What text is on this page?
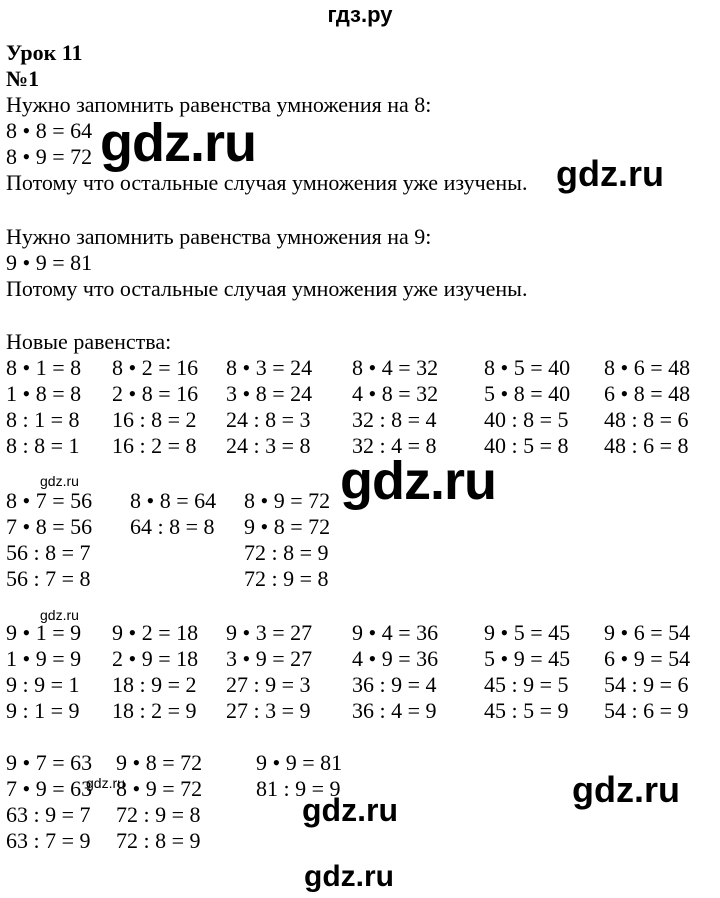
гдз.ру
Урок 11
№1
Нужно запомнить равенства умножения на 8:
8 • 8 = 64
8 • 9 = 72
Потому что остальные случая умножения уже изучены.
Нужно запомнить равенства умножения на 9:
9 • 9 = 81
Потому что остальные случая умножения уже изучены.
Новые равенства:
8 • 1 = 8 8 • 2 = 16 8 • 3 = 24 8 • 4 = 32 8 • 5 = 40 8 • 6 = 48
1 • 8 = 8 2 • 8 = 16 3 • 8 = 24 4 • 8 = 32 5 • 8 = 40 6 • 8 = 48
8 : 1 = 8 16 : 8 = 2 24 : 8 = 3 32 : 8 = 4 40 : 8 = 5 48 : 8 = 6
8 : 8 = 1 16 : 2 = 8 24 : 3 = 8 32 : 4 = 8 40 : 5 = 8 48 : 6 = 8
8 • 7 = 56
7 • 8 = 56
56 : 8 = 7
56 : 7 = 8
8 • 8 = 64
64 : 8 = 8
8 • 9 = 72
9 • 8 = 72
72 : 8 = 9
72 : 9 = 8
9 • 1 = 9 9 • 2 = 18 9 • 3 = 27 9 • 4 = 36 9 • 5 = 45 9 • 6 = 54
1 • 9 = 9 2 • 9 = 18 3 • 9 = 27 4 • 9 = 36 5 • 9 = 45 6 • 9 = 54
9 : 9 = 1 18 : 9 = 2 27 : 9 = 3 36 : 9 = 4 45 : 9 = 5 54 : 9 = 6
9 : 1 = 9 18 : 2 = 9 27 : 3 = 9 36 : 4 = 9 45 : 5 = 9 54 : 6 = 9
9 • 7 = 63
7 • 9 = 63
63 : 9 = 7
63 : 7 = 9
9 • 8 = 72
8 • 9 = 72
72 : 9 = 8
72 : 8 = 9
9 • 9 = 81
81 : 9 = 9
gdz.ru
gdz.ru
gdz.ru
gdz.ru
gdz.ru
gdz.ru	gdz.ru
gdz.ru
gdz.ru
